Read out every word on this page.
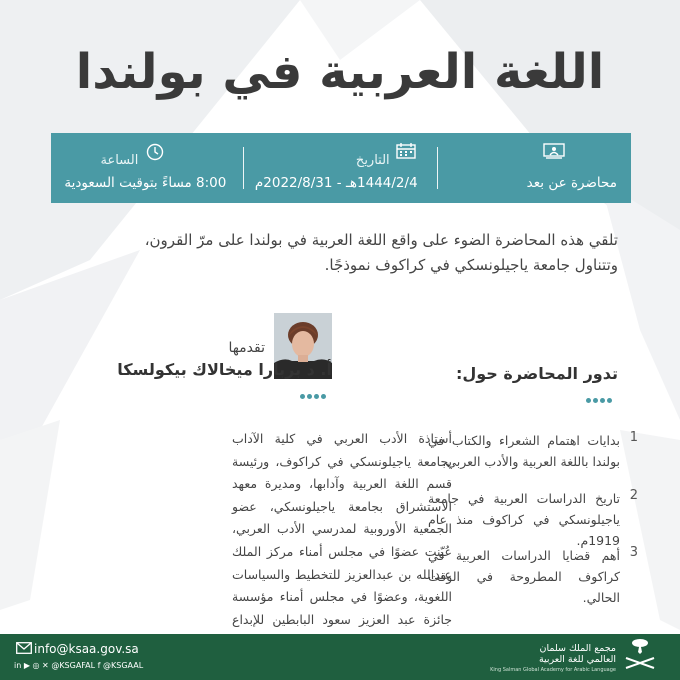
اللغة العربية في بولندا
محاضرة عن بعد
التاريخ
1444/2/4هـ - 2022/8/31م
الساعة
8:00 مساءً بتوقيت السعودية
تلقي هذه المحاضرة الضوء على واقع اللغة العربية في بولندا على مرّ القرون،
وتتناول جامعة ياجيلونسكي في كراكوف نموذجًا.
تقدمها
أ. د بربارا ميخالاك بيكولسكا
أستاذة الأدب العربي في كلية الآداب بجامعة ياجيلونسكي في كراكوف، ورئيسة قسم اللغة العربية وآدابها، ومديرة معهد الاستشراق بجامعة ياجيلونسكي، عضو الجمعية الأوروبية لمدرسي الأدب العربي، عُيّنت عضوًا في مجلس أمناء مركز الملك عبدالله بن عبدالعزيز للتخطيط والسياسات اللغوية، وعضوًا في مجلس أمناء مؤسسة جائزة عبد العزيز سعود البابطين للإبداع
تدور المحاضرة حول:
1
بدايات اهتمام الشعراء والكتاب في بولندا باللغة العربية والأدب العربي.
2
تاريخ الدراسات العربية في جامعة ياجيلونسكي في كراكوف منذ عام 1919م.
3
أهم قضايا الدراسات العربية في كراكوف المطروحة في الوقت الحالي.
info@ksaa.gov.sa
in ▶ ◎ ✕ @KSGAFAL f @KSGAAL
مجمع الملك سلمان
العالمي للغة العربية
King Salman Global Academy for Arabic Language
